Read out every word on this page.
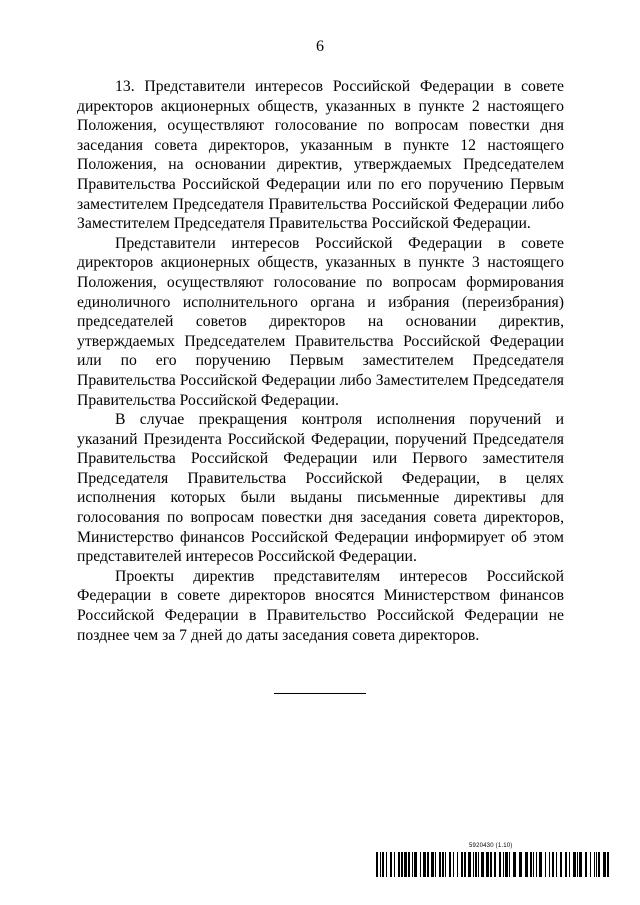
6

13. Представители интересов Российской Федерации в совете директоров акционерных обществ, указанных в пункте 2 настоящего Положения, осуществляют голосование по вопросам повестки дня заседания совета директоров, указанным в пункте 12 настоящего Положения, на основании директив, утверждаемых Председателем Правительства Российской Федерации или по его поручению Первым заместителем Председателя Правительства Российской Федерации либо Заместителем Председателя Правительства Российской Федерации.

Представители интересов Российской Федерации в совете директоров акционерных обществ, указанных в пункте 3 настоящего Положения, осуществляют голосование по вопросам формирования единоличного исполнительного органа и избрания (переизбрания) председателей советов директоров на основании директив, утверждаемых Председателем Правительства Российской Федерации или по его поручению Первым заместителем Председателя Правительства Российской Федерации либо Заместителем Председателя Правительства Российской Федерации.

В случае прекращения контроля исполнения поручений и указаний Президента Российской Федерации, поручений Председателя Правительства Российской Федерации или Первого заместителя Председателя Правительства Российской Федерации, в целях исполнения которых были выданы письменные директивы для голосования по вопросам повестки дня заседания совета директоров, Министерство финансов Российской Федерации информирует об этом представителей интересов Российской Федерации.

Проекты директив представителям интересов Российской Федерации в совете директоров вносятся Министерством финансов Российской Федерации в Правительство Российской Федерации не позднее чем за 7 дней до даты заседания совета директоров.

5920430 (1.10)
